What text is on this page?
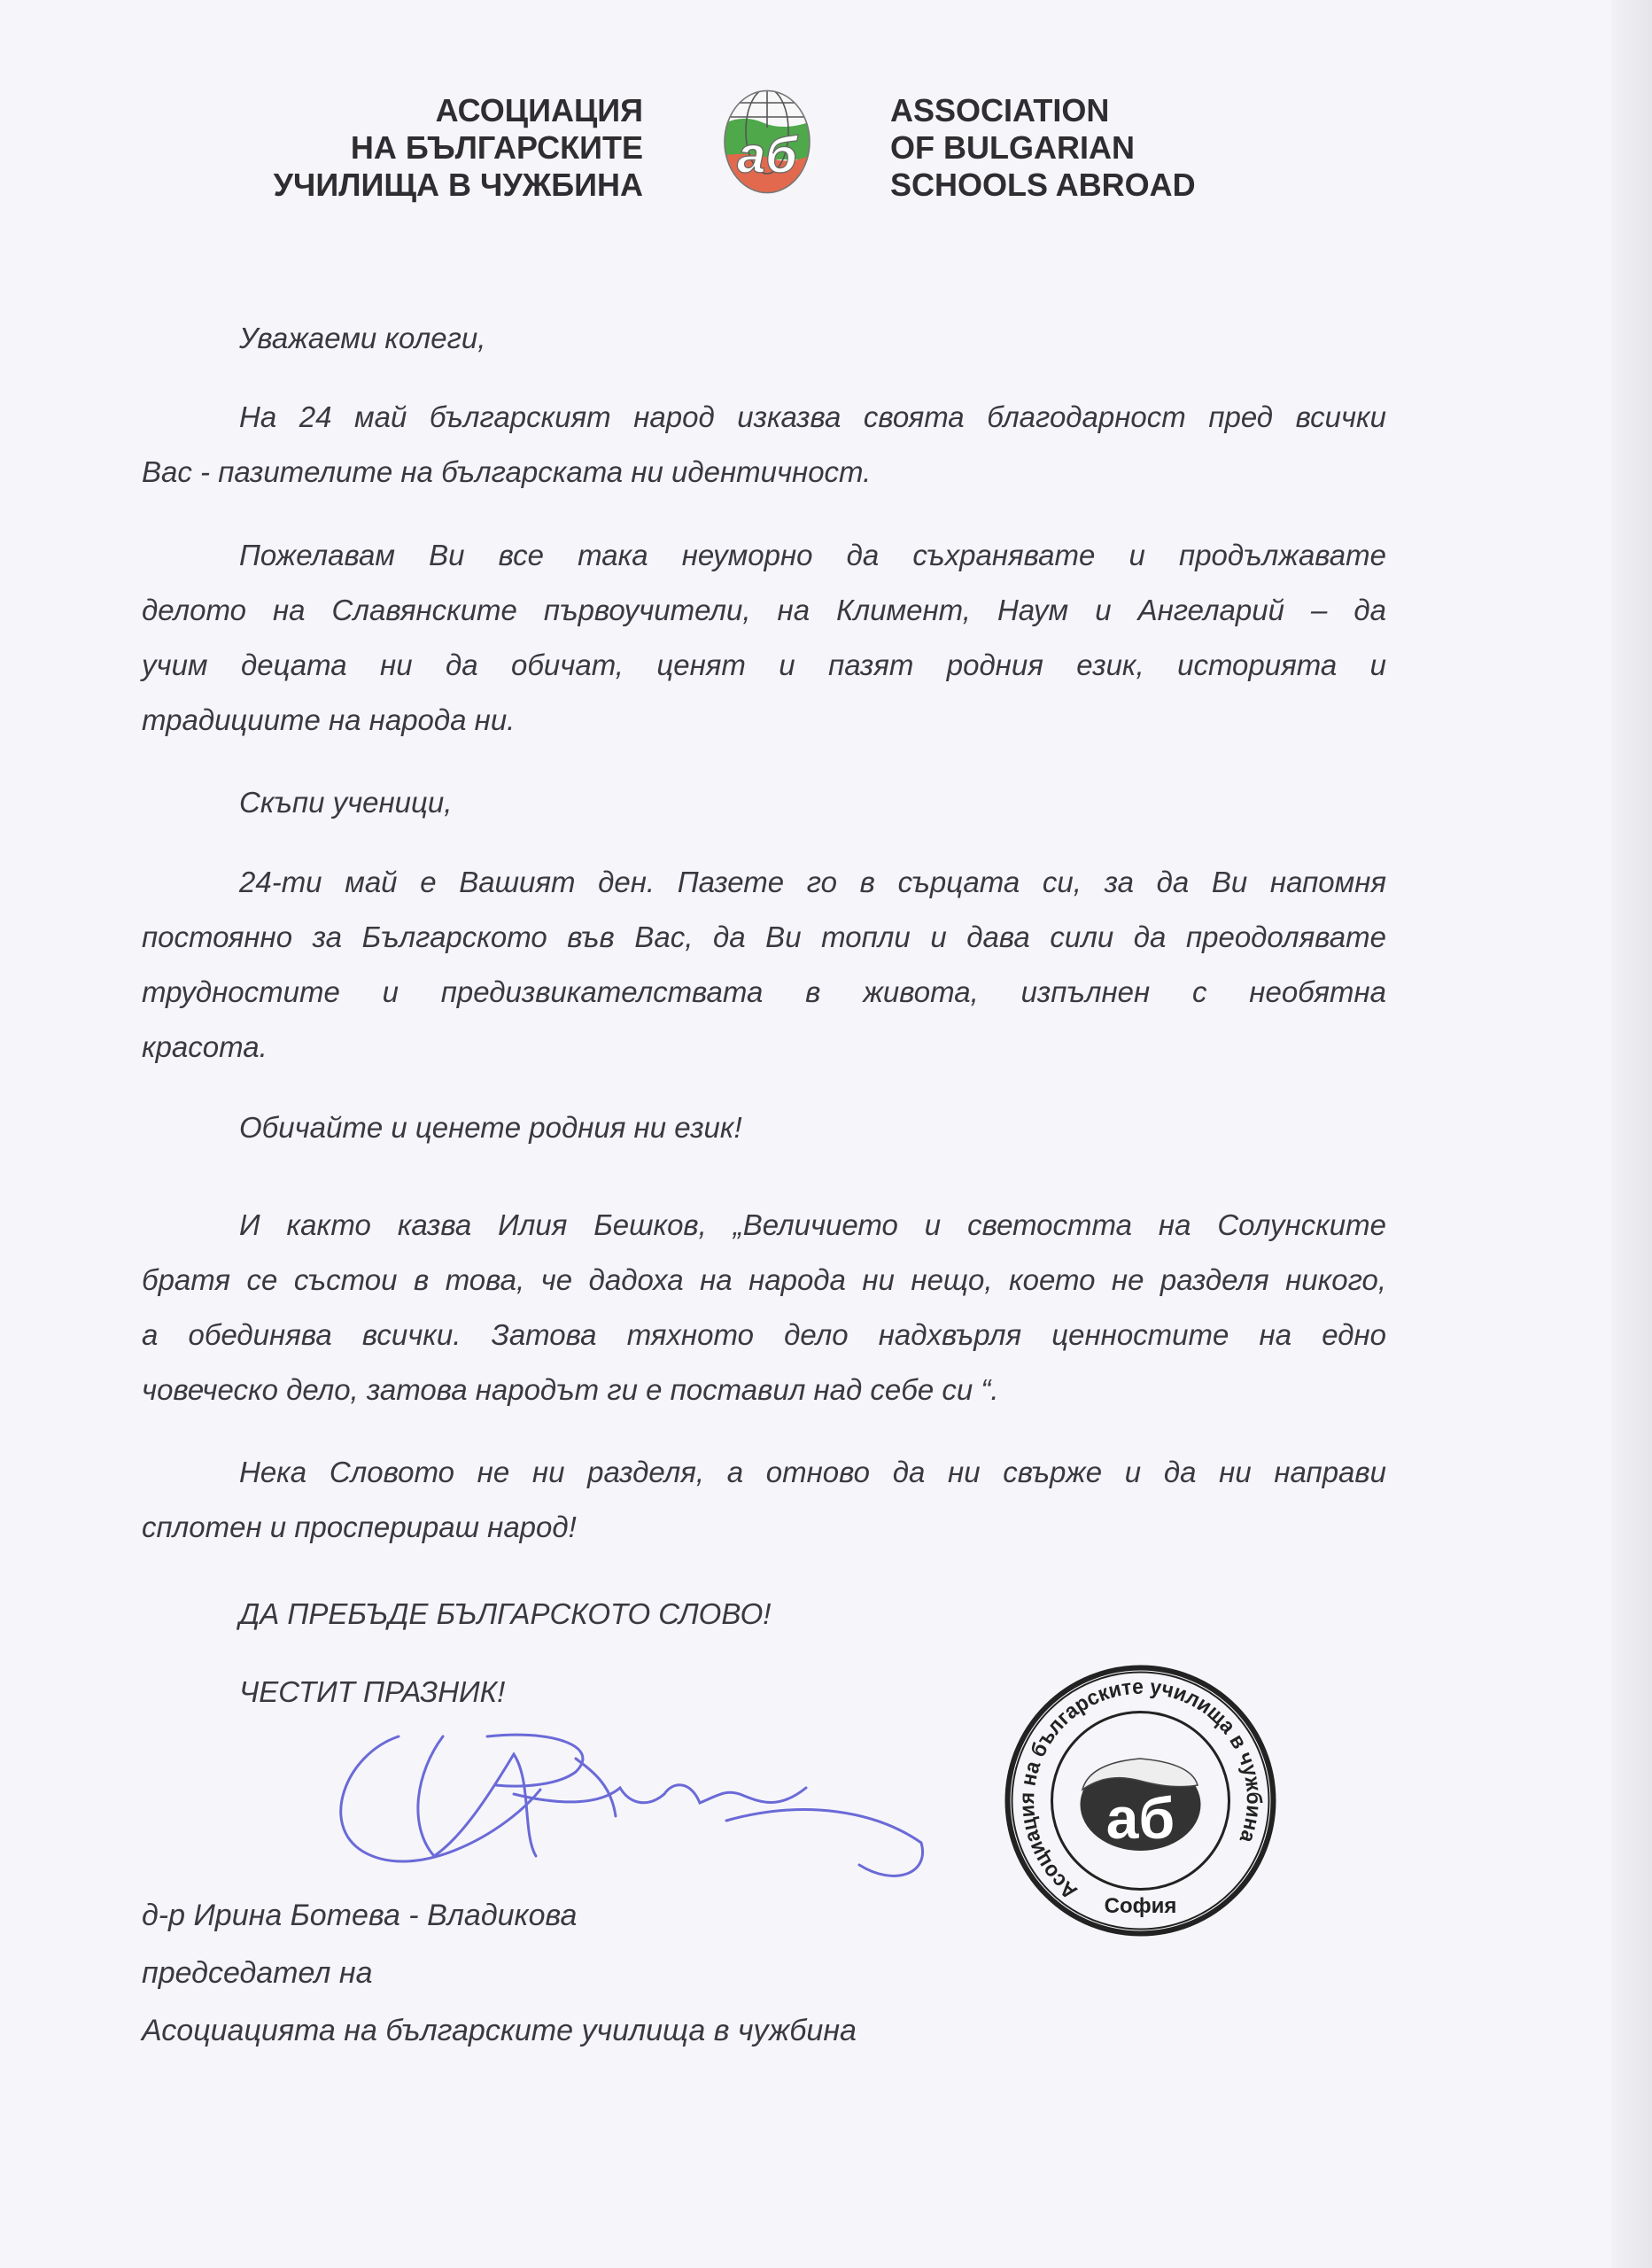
АСОЦИАЦИЯ
НА БЪЛГАРСКИТЕ
УЧИЛИЩА В ЧУЖБИНА
аб
ASSOCIATION
OF BULGARIAN
SCHOOLS ABROAD
Уважаеми колеги,
На 24 май българският народ изказва своята благодарност пред всички
Вас - пазителите на българската ни идентичност.
Пожелавам Ви все така неуморно да съхранявате и продължавате
делото на Славянските първоучители, на Климент, Наум и Ангеларий – да
учим децата ни да обичат, ценят и пазят родния език, историята и
традициите на народа ни.
Скъпи ученици,
24-ти май е Вашият ден. Пазете го в сърцата си, за да Ви напомня
постоянно за Българското във Вас, да Ви топли и дава сили да преодолявате
трудностите и предизвикателствата в живота, изпълнен с необятна
красота.
Обичайте и ценете родния ни език!
И както казва Илия Бешков, „Величието и светостта на Солунските
братя се състои в това, че дадоха на народа ни нещо, което не разделя никого,
а обединява всички. Затова тяхното дело надхвърля ценностите на едно
човеческо дело, затова народът ги е поставил над себе си “.
Нека Словото не ни разделя, а отново да ни свърже и да ни направи
сплотен и просперираш народ!
ДА ПРЕБЪДЕ БЪЛГАРСКОТО СЛОВО!
ЧЕСТИТ ПРАЗНИК!
д-р Ирина Ботева - Владикова
председател на
Асоциацията на българските училища в чужбина
Асоциация на българските училища в чужбина
София
аб
